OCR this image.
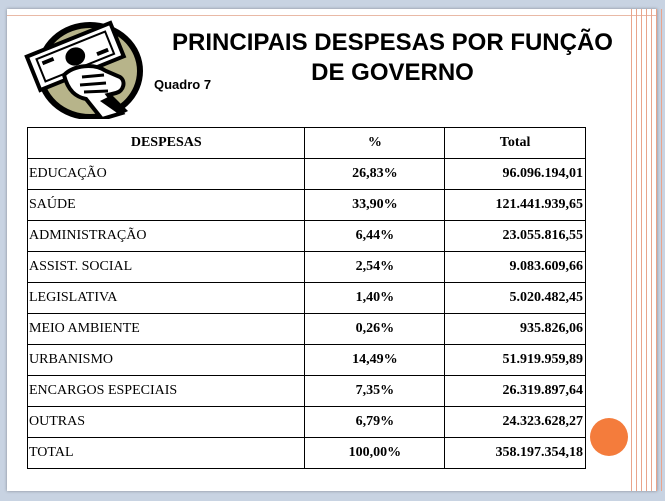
PRINCIPAIS DESPESAS POR FUNÇÃO
DE GOVERNO
Quadro 7
DESPESAS	%	Total
EDUCAÇÃO	26,83%	96.096.194,01
SAÚDE	33,90%	121.441.939,65
ADMINISTRAÇÃO	6,44%	23.055.816,55
ASSIST. SOCIAL	2,54%	9.083.609,66
LEGISLATIVA	1,40%	5.020.482,45
MEIO AMBIENTE	0,26%	935.826,06
URBANISMO	14,49%	51.919.959,89
ENCARGOS ESPECIAIS	7,35%	26.319.897,64
OUTRAS	6,79%	24.323.628,27
TOTAL	100,00%	358.197.354,18
